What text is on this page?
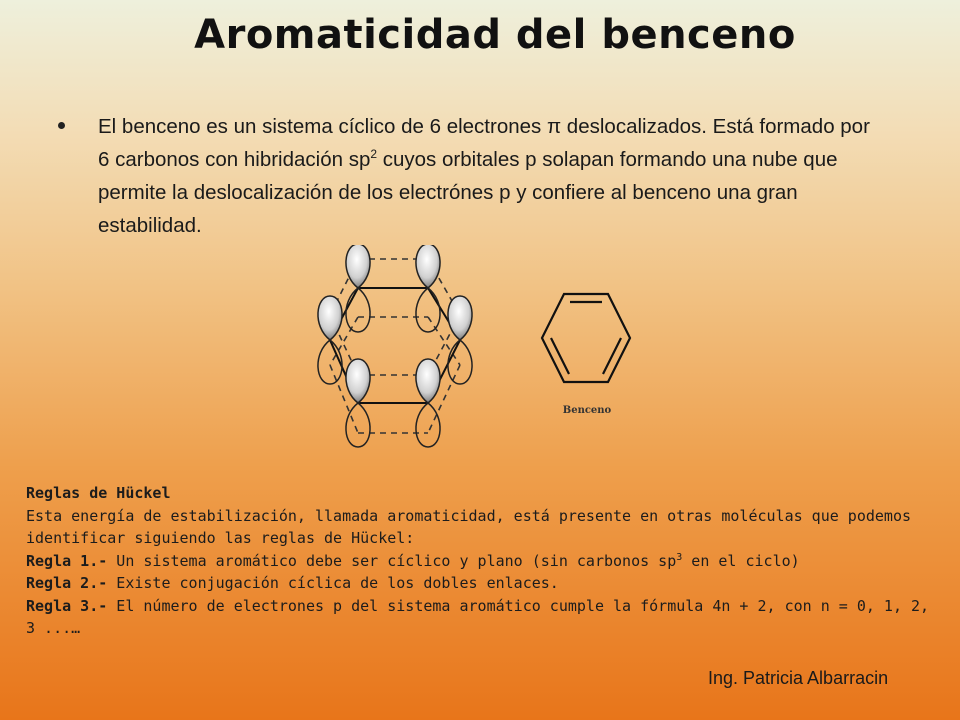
Aromaticidad del benceno
El benceno es un sistema cíclico de 6 electrones π deslocalizados. Está formado por 6 carbonos con hibridación $sp^2$ cuyos orbitales p solapan formando una nube que permite la deslocalización de los electrónes p y confiere al benceno una gran estabilidad.
Benceno
Reglas de Hückel
Esta energía de estabilización, llamada aromaticidad, está presente en otras moléculas que podemos identificar siguiendo las reglas de Hückel:
Regla 1.- Un sistema aromático debe ser cíclico y plano (sin carbonos $sp^3$ en el ciclo)
Regla 2.- Existe conjugación cíclica de los dobles enlaces.
Regla 3.- El número de electrones p del sistema aromático cumple la fórmula 4n + 2, con n = 0, 1, 2, 3 ...…
Ing. Patricia Albarracin
